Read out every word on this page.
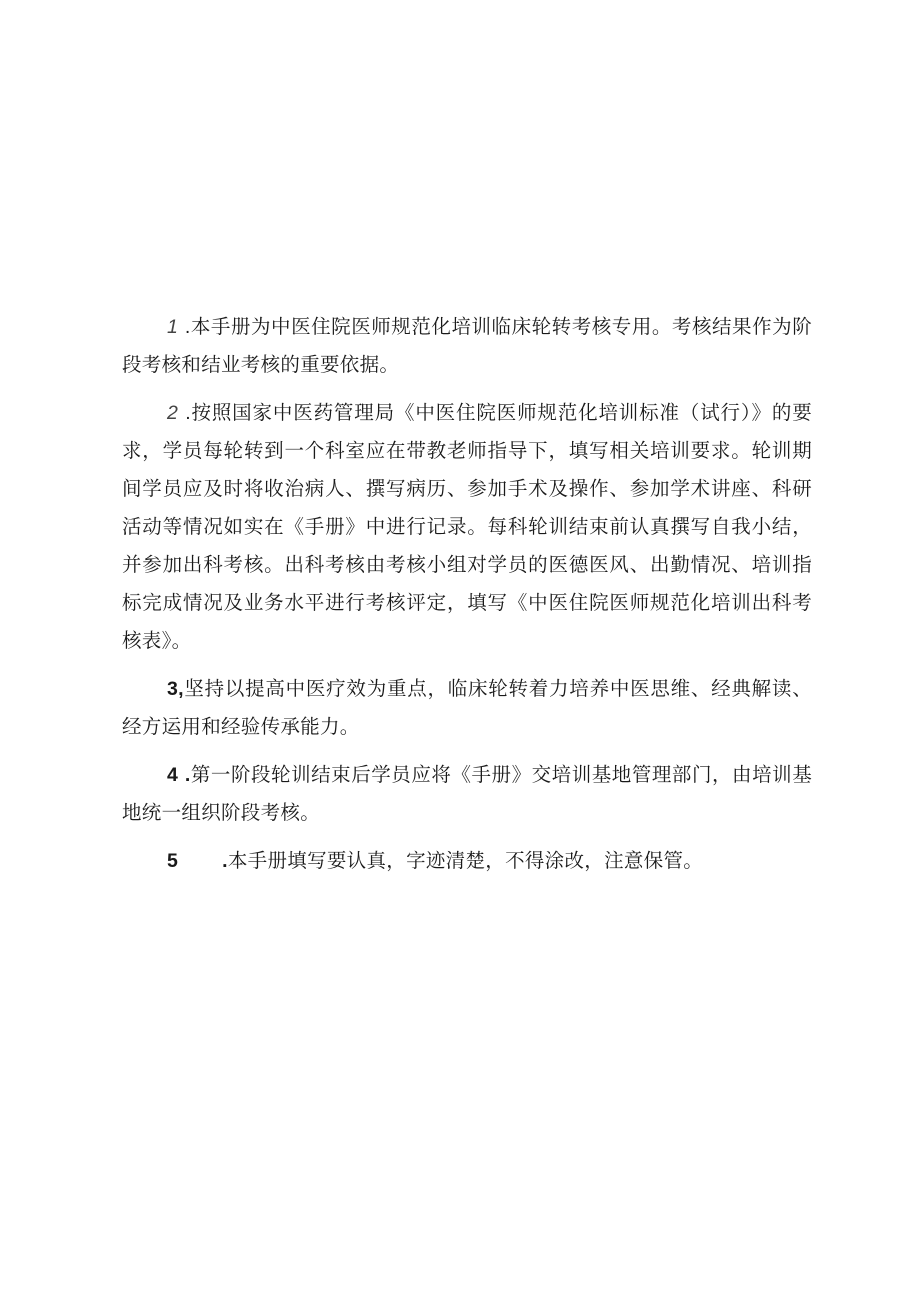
1 .本手册为中医住院医师规范化培训临床轮转考核专用。考核结果作为阶段考核和结业考核的重要依据。

2 .按照国家中医药管理局《中医住院医师规范化培训标准（试行）》的要求，学员每轮转到一个科室应在带教老师指导下，填写相关培训要求。轮训期间学员应及时将收治病人、撰写病历、参加手术及操作、参加学术讲座、科研活动等情况如实在《手册》中进行记录。每科轮训结束前认真撰写自我小结，并参加出科考核。出科考核由考核小组对学员的医德医风、出勤情况、培训指标完成情况及业务水平进行考核评定，填写《中医住院医师规范化培训出科考核表》。

3,坚持以提高中医疗效为重点，临床轮转着力培养中医思维、经典解读、经方运用和经验传承能力。

4 .第一阶段轮训结束后学员应将《手册》交培训基地管理部门，由培训基地统一组织阶段考核。

5 .本手册填写要认真，字迹清楚，不得涂改，注意保管。
